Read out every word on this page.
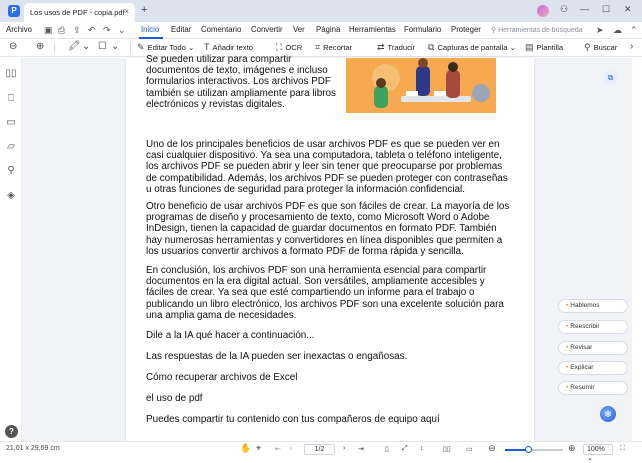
P	Los usos de PDF - copia.pdf × +	⚇ — ☐ ✕
Archivo ▣ ⎙ ⇪ ↶ ↷ ⌄ Inicio Editar Comentario Convertir Ver Página Herramientas Formulario Proteger ⚲ Herramientas de búsqueda ➤ ☁ ⌃
⊖ ⊕ 🖍 ⌄ ☐ ⌄ ✎ Editar Todo ⌄ T Añadir texto	⛶ OCR ⌗ Recortar	⇄ Traducir ⧉ Capturas de pantalla ⌄ ▤ Plantilla ⚲ Buscar ›
▯▯
⎕
▭
▱
⚲
◈
?
Se pueden utilizar para compartir
documentos de texto, imágenes e incluso
formularios interactivos. Los archivos PDF
también se utilizan ampliamente para libros
electrónicos y revistas digitales.
Uno de los principales beneficios de usar archivos PDF es que se pueden ver en
casi cualquier dispositivo. Ya sea una computadora, tableta o teléfono inteligente,
los archivos PDF se pueden abrir y leer sin tener que preocuparse por problemas
de compatibilidad. Además, los archivos PDF se pueden proteger con contraseñas
u otras funciones de seguridad para proteger la información confidencial.
Otro beneficio de usar archivos PDF es que son fáciles de crear. La mayoría de los
programas de diseño y procesamiento de texto, como Microsoft Word o Adobe
InDesign, tienen la capacidad de guardar documentos en formato PDF. También
hay numerosas herramientas y convertidores en línea disponibles que permiten a
los usuarios convertir archivos a formato PDF de forma rápida y sencilla.
En conclusión, los archivos PDF son una herramienta esencial para compartir
documentos en la era digital actual. Son versátiles, ampliamente accesibles y
fáciles de crear. Ya sea que esté compartiendo un informe para el trabajo o
publicando un libro electrónico, los archivos PDF son una excelente solución para
una amplia gama de necesidades.
Dile a la IA qué hacer a continuación...
Las respuestas de la IA pueden ser inexactas o engañosas.
Cómo recuperar archivos de Excel
el uso de pdf
Puedes compartir tu contenido con tus compañeros de equipo aquí
⧉
• Hablemos
• Reescribir
• Revisar
• Explicar
• Resumir
✻
21,01 x 29,69 cm	✋ ⌖ ⇤ ‹	1/2	› ⇥	▯ ⤢ ↕	▯▯ ▭ ⊖	⊕	100% ⌄
⛶
